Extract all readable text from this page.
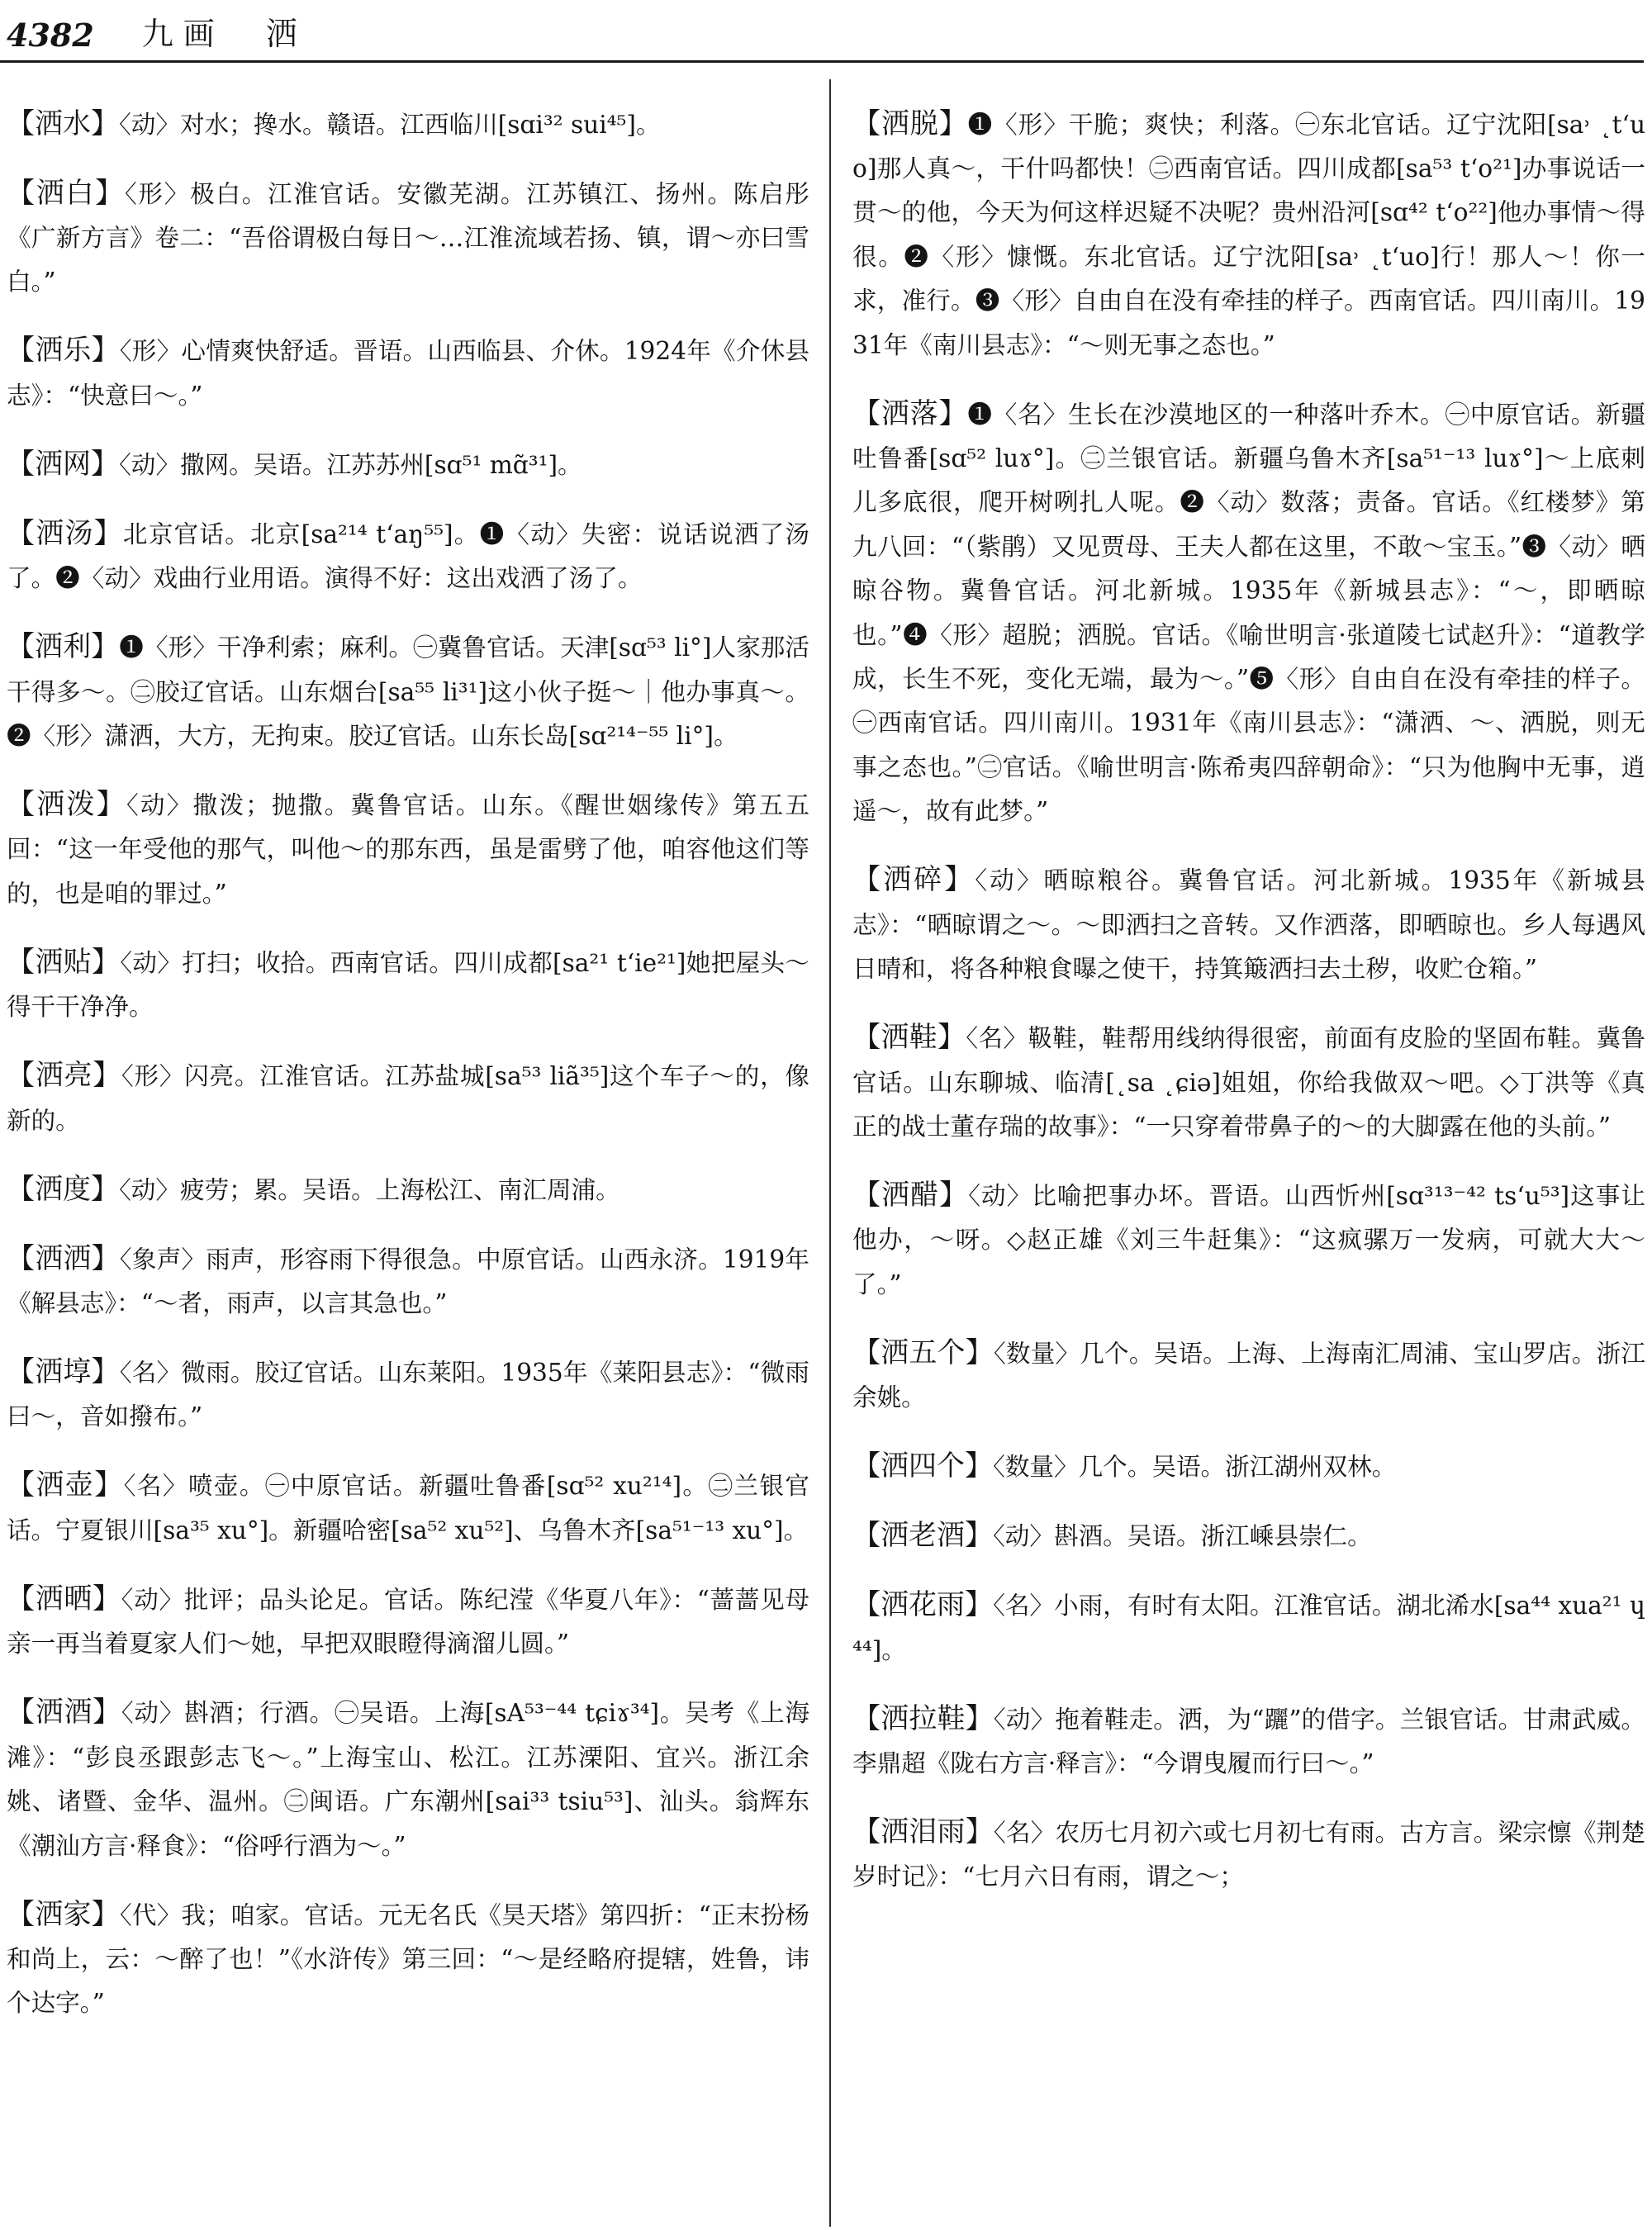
4382 九画　洒

【洒水】〈动〉对水；搀水。赣语。江西临川[sɑi³² sui⁴⁵]。

【洒白】〈形〉极白。江淮官话。安徽芜湖。江苏镇江、扬州。陈启彤《广新方言》卷二：“吾俗谓极白每日～…江淮流域若扬、镇，谓～亦曰雪白。”

【洒乐】〈形〉心情爽快舒适。晋语。山西临县、介休。1924年《介休县志》：“快意曰～。”

【洒网】〈动〉撒网。吴语。江苏苏州[sɑ⁵¹ mɑ̃³¹]。

【洒汤】北京官话。北京[sa²¹⁴ t‘aŋ⁵⁵]。❶〈动〉失密：说话说洒了汤了。❷〈动〉戏曲行业用语。演得不好：这出戏洒了汤了。

【洒利】❶〈形〉干净利索；麻利。㊀冀鲁官话。天津[sɑ⁵³ li°]人家那活干得多～。㊁胶辽官话。山东烟台[sa⁵⁵ li³¹]这小伙子挺～｜他办事真～。❷〈形〉潇洒，大方，无拘束。胶辽官话。山东长岛[sɑ²¹⁴⁻⁵⁵ li°]。

【洒泼】〈动〉撒泼；抛撒。冀鲁官话。山东。《醒世姻缘传》第五五回：“这一年受他的那气，叫他～的那东西，虽是雷劈了他，咱容他这们等的，也是咱的罪过。”

【洒贴】〈动〉打扫；收拾。西南官话。四川成都[sa²¹ t‘ie²¹]她把屋头～得干干净净。

【洒亮】〈形〉闪亮。江淮官话。江苏盐城[sa⁵³ liã³⁵]这个车子～的，像新的。

【洒度】〈动〉疲劳；累。吴语。上海松江、南汇周浦。

【洒洒】〈象声〉雨声，形容雨下得很急。中原官话。山西永济。1919年《解县志》：“～者，雨声，以言其急也。”

【洒埻】〈名〉微雨。胶辽官话。山东莱阳。1935年《莱阳县志》：“微雨曰～，音如撥布。”

【洒壶】〈名〉喷壶。㊀中原官话。新疆吐鲁番[sɑ⁵² xu²¹⁴]。㊁兰银官话。宁夏银川[sa³⁵ xu°]。新疆哈密[sa⁵² xu⁵²]、乌鲁木齐[sa⁵¹⁻¹³ xu°]。

【洒晒】〈动〉批评；品头论足。官话。陈纪滢《华夏八年》：“蔷蔷见母亲一再当着夏家人们～她，早把双眼瞪得滴溜儿圆。”

【洒酒】〈动〉斟酒；行酒。㊀吴语。上海[sA⁵³⁻⁴⁴ tɕiɤ³⁴]。吴考《上海滩》：“彭良丞跟彭志飞～。”上海宝山、松江。江苏溧阳、宜兴。浙江余姚、诸暨、金华、温州。㊁闽语。广东潮州[sai³³ tsiu⁵³]、汕头。翁辉东《潮汕方言·释食》：“俗呼行酒为～。”

【洒家】〈代〉我；咱家。官话。元无名氏《昊天塔》第四折：“正末扮杨和尚上，云：～醉了也！”《水浒传》第三回：“～是经略府提辖，姓鲁，讳个达字。”

【洒脱】❶〈形〉干脆；爽快；利落。㊀东北官话。辽宁沈阳[sa˒ ˛t‘uo]那人真～，干什吗都快！㊁西南官话。四川成都[sa⁵³ t‘o²¹]办事说话一贯～的他，今天为何这样迟疑不决呢？贵州沿河[sɑ⁴² t‘o²²]他办事情～得很。❷〈形〉慷慨。东北官话。辽宁沈阳[sa˒ ˛t‘uo]行！那人～！你一求，准行。❸〈形〉自由自在没有牵挂的样子。西南官话。四川南川。1931年《南川县志》：“～则无事之态也。”

【洒落】❶〈名〉生长在沙漠地区的一种落叶乔木。㊀中原官话。新疆吐鲁番[sɑ⁵² luɤ°]。㊁兰银官话。新疆乌鲁木齐[sa⁵¹⁻¹³ luɤ°]～上底刺儿多底很，爬开树咧扎人呢。❷〈动〉数落；责备。官话。《红楼梦》第九八回：“（紫鹃）又见贾母、王夫人都在这里，不敢～宝玉。”❸〈动〉晒晾谷物。冀鲁官话。河北新城。1935年《新城县志》：“～，即晒晾也。”❹〈形〉超脱；洒脱。官话。《喻世明言·张道陵七试赵升》：“道教学成，长生不死，变化无端，最为～。”❺〈形〉自由自在没有牵挂的样子。㊀西南官话。四川南川。1931年《南川县志》：“潇洒、～、洒脱，则无事之态也。”㊁官话。《喻世明言·陈希夷四辞朝命》：“只为他胸中无事，逍遥～，故有此梦。”

【洒碎】〈动〉晒晾粮谷。冀鲁官话。河北新城。1935年《新城县志》：“晒晾谓之～。～即洒扫之音转。又作洒落，即晒晾也。乡人每遇风日晴和，将各种粮食曝之使干，持箕簸洒扫去土秽，收贮仓箱。”

【洒鞋】〈名〉靸鞋，鞋帮用线纳得很密，前面有皮脸的坚固布鞋。冀鲁官话。山东聊城、临清[˛sa ˛ɕiə]姐姐，你给我做双～吧。◇丁洪等《真正的战士董存瑞的故事》：“一只穿着带鼻子的～的大脚露在他的头前。”

【洒醋】〈动〉比喻把事办坏。晋语。山西忻州[sɑ³¹³⁻⁴² ts‘u⁵³]这事让他办，～呀。◇赵正雄《刘三牛赶集》：“这疯骡万一发病，可就大大～了。”

【洒五个】〈数量〉几个。吴语。上海、上海南汇周浦、宝山罗店。浙江余姚。

【洒四个】〈数量〉几个。吴语。浙江湖州双林。

【洒老酒】〈动〉斟酒。吴语。浙江嵊县崇仁。

【洒花雨】〈名〉小雨，有时有太阳。江淮官话。湖北浠水[sa⁴⁴ xua²¹ ɥ⁴⁴]。

【洒拉鞋】〈动〉拖着鞋走。洒，为“躧”的借字。兰银官话。甘肃武威。李鼎超《陇右方言·释言》：“今谓曳履而行曰～。”

【洒泪雨】〈名〉农历七月初六或七月初七有雨。古方言。梁宗懔《荆楚岁时记》：“七月六日有雨，谓之～；
